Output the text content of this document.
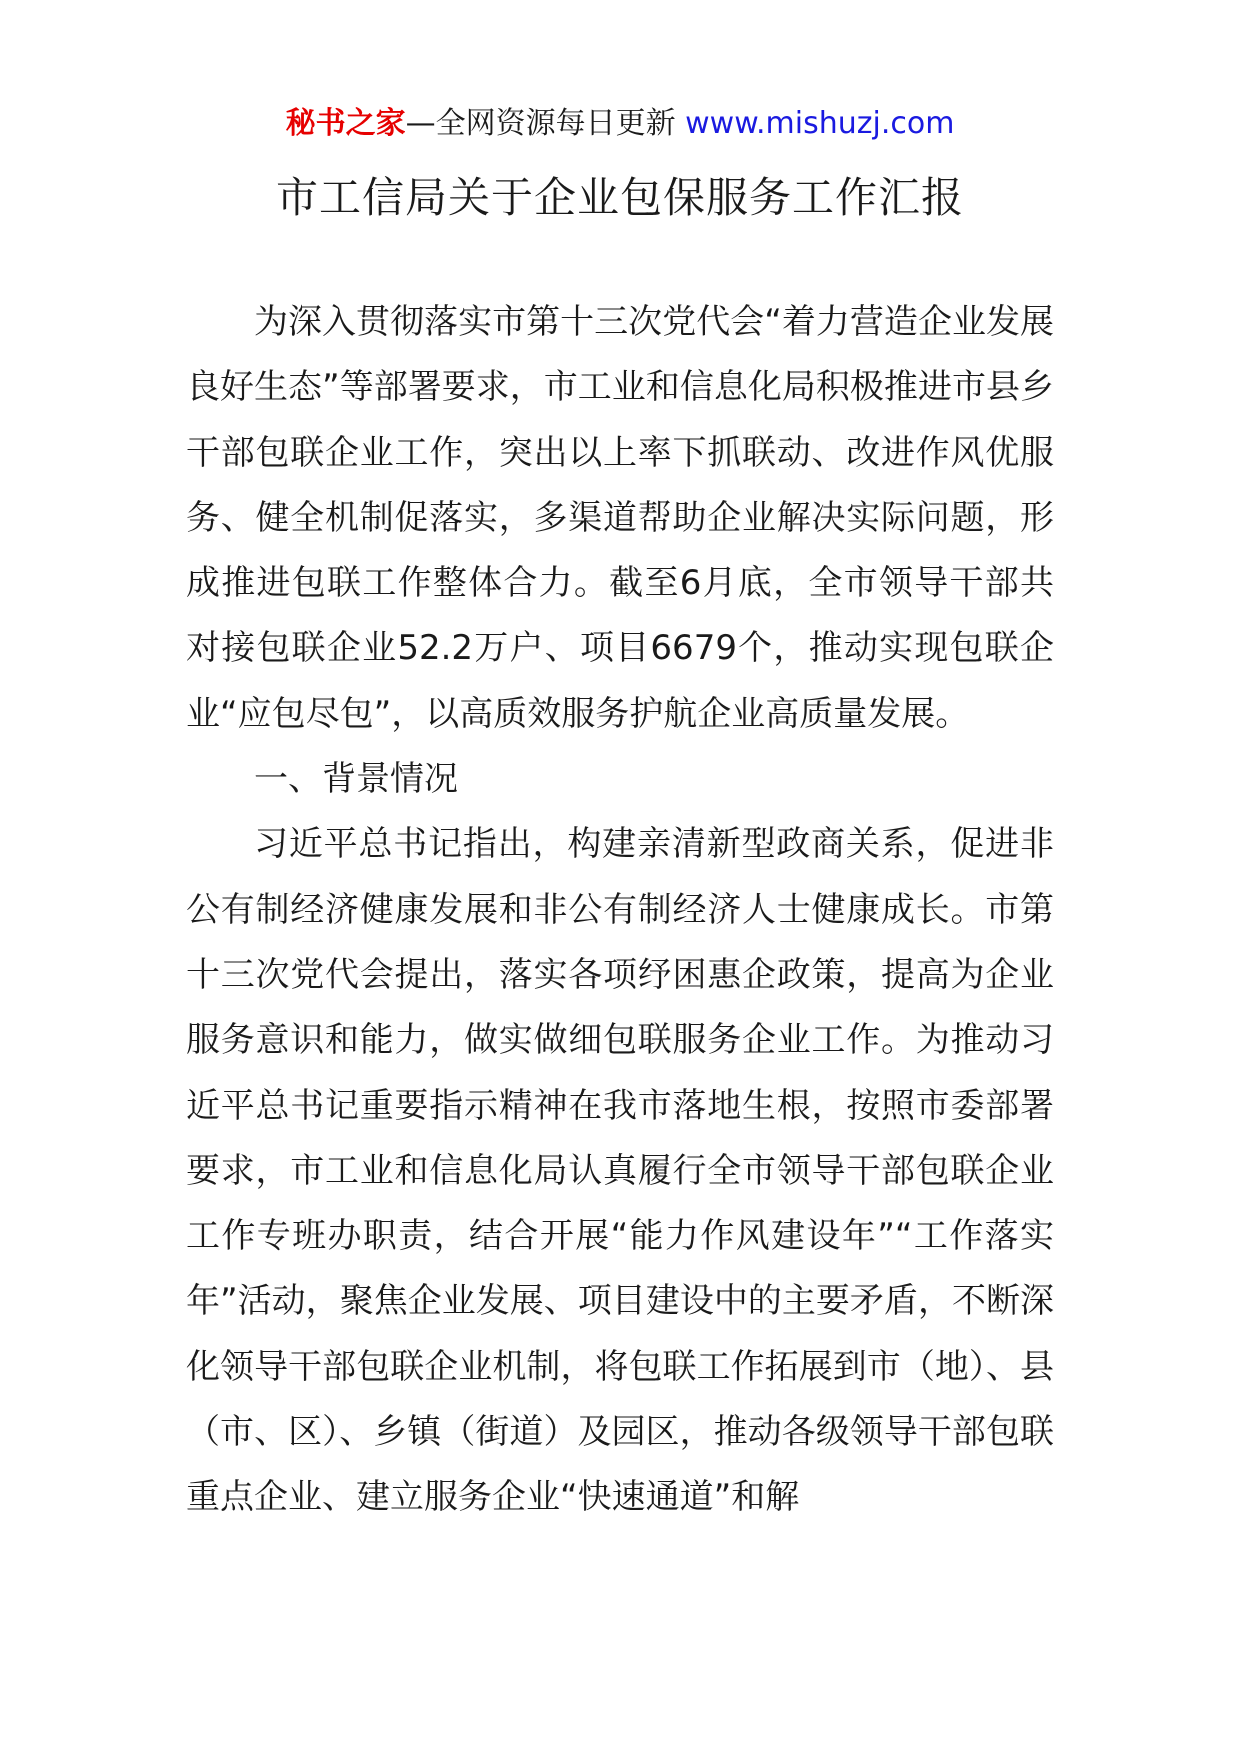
秘书之家—全网资源每日更新 www.mishuzj.com
市工信局关于企业包保服务工作汇报

为深入贯彻落实市第十三次党代会“着力营造企业发展良好生态”等部署要求，市工业和信息化局积极推进市县乡干部包联企业工作，突出以上率下抓联动、改进作风优服务、健全机制促落实，多渠道帮助企业解决实际问题，形成推进包联工作整体合力。截至6月底，全市领导干部共对接包联企业52.2万户、项目6679个，推动实现包联企业“应包尽包”，以高质效服务护航企业高质量发展。

一、背景情况

习近平总书记指出，构建亲清新型政商关系，促进非公有制经济健康发展和非公有制经济人士健康成长。市第十三次党代会提出，落实各项纾困惠企政策，提高为企业服务意识和能力，做实做细包联服务企业工作。为推动习近平总书记重要指示精神在我市落地生根，按照市委部署要求，市工业和信息化局认真履行全市领导干部包联企业工作专班办职责，结合开展“能力作风建设年”“工作落实年”活动，聚焦企业发展、项目建设中的主要矛盾，不断深化领导干部包联企业机制，将包联工作拓展到市（地）、县（市、区）、乡镇（街道）及园区，推动各级领导干部包联重点企业、建立服务企业“快速通道”和解
